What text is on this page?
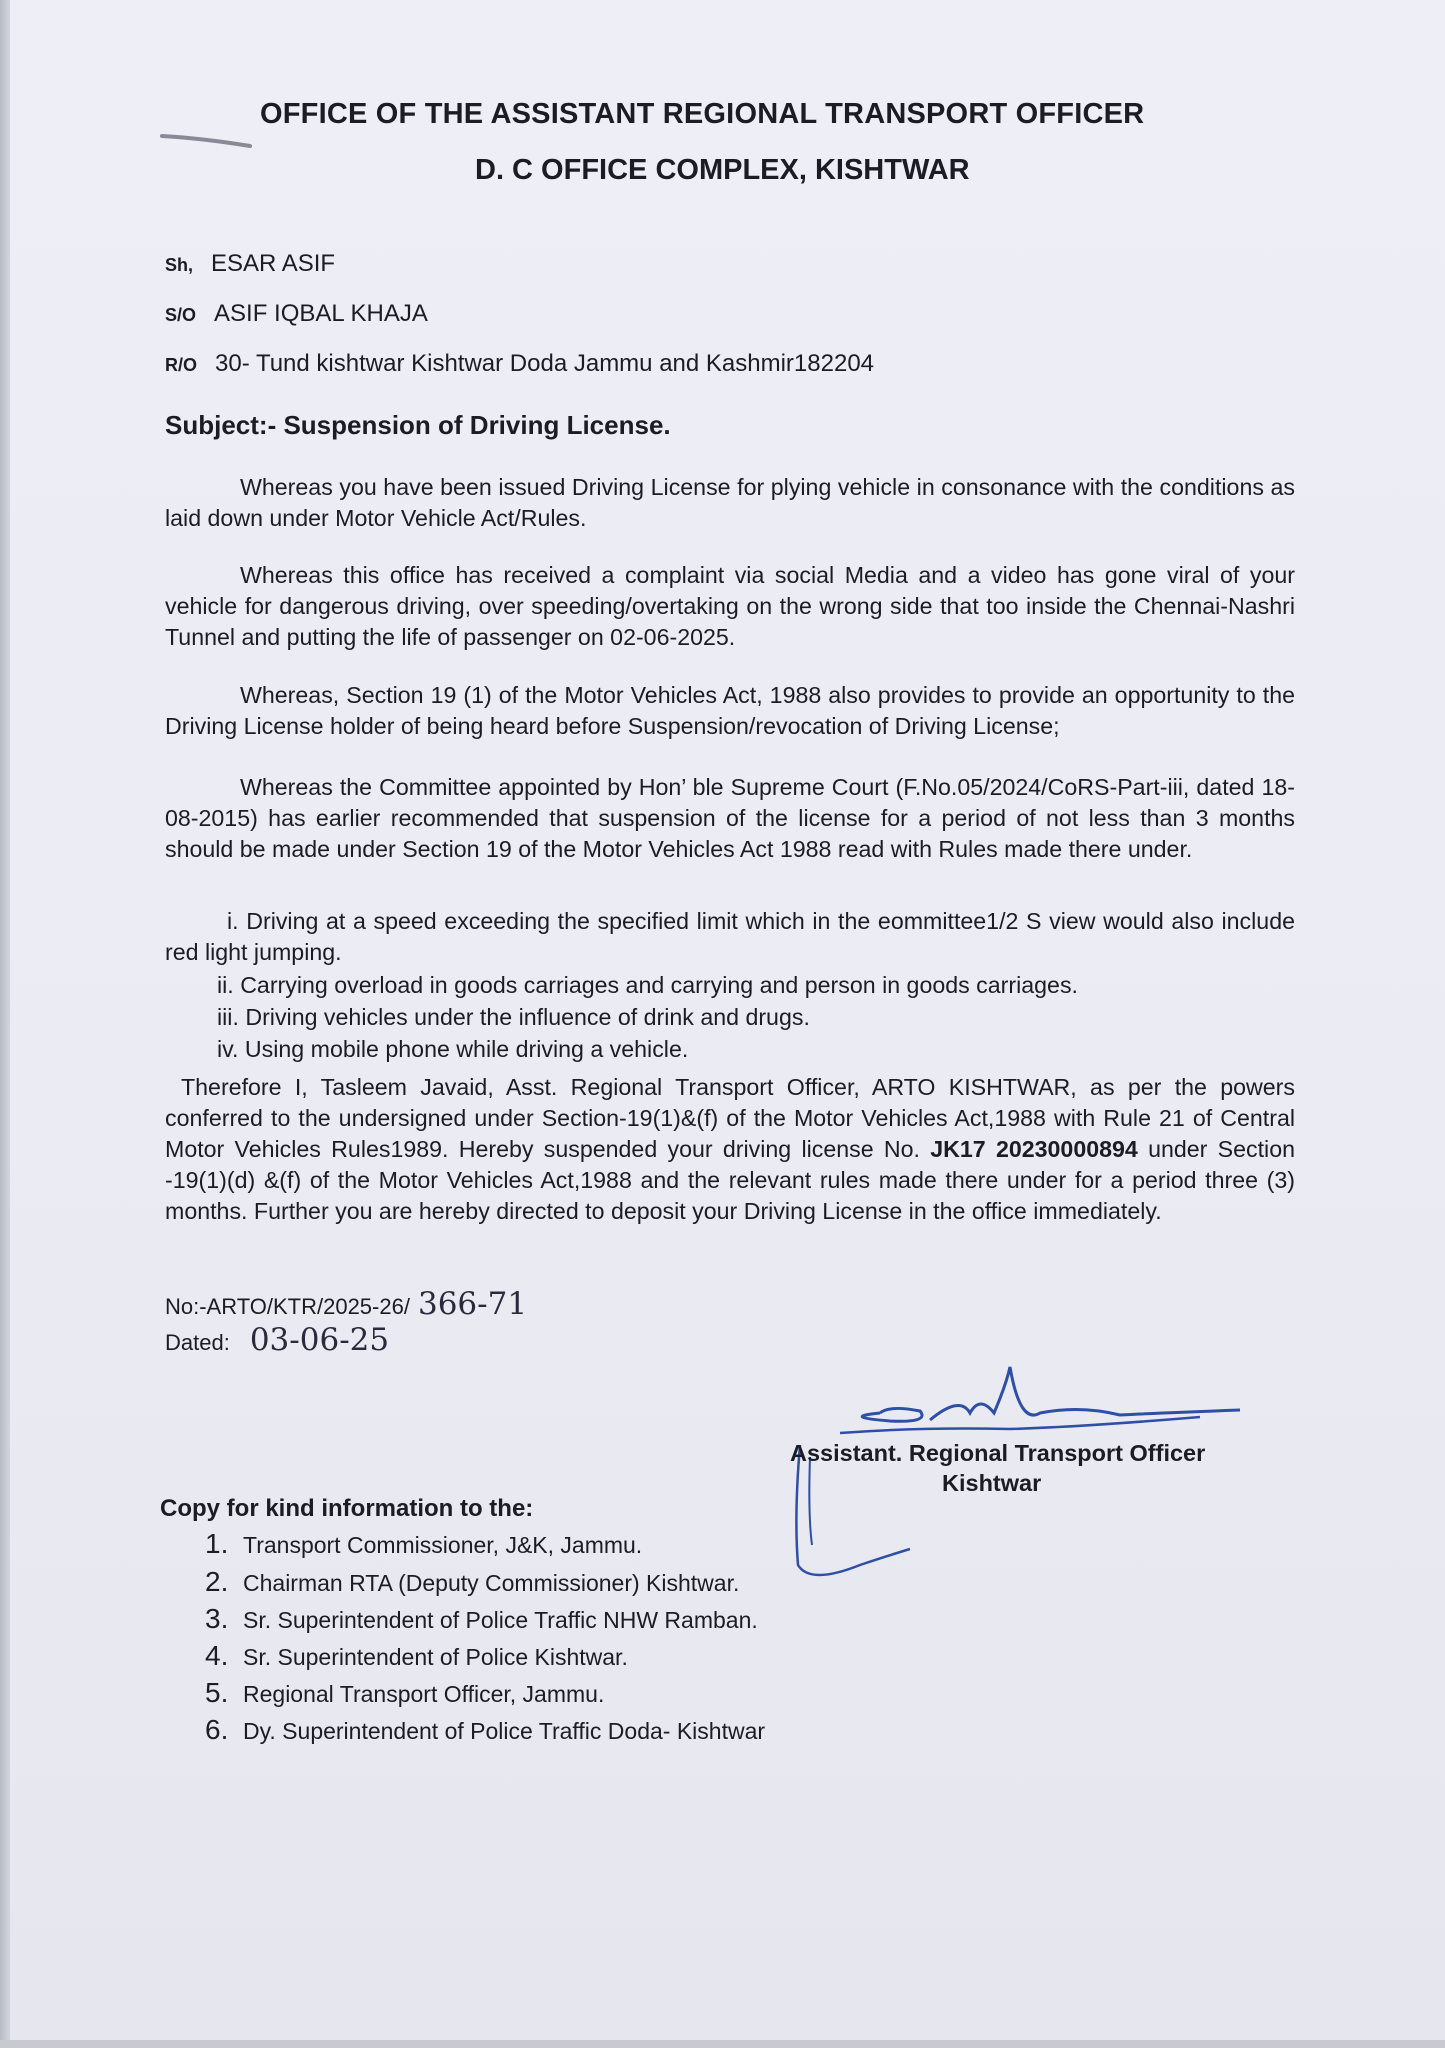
OFFICE OF THE ASSISTANT REGIONAL TRANSPORT OFFICER
D. C OFFICE COMPLEX, KISHTWAR
Sh, ESAR ASIF
S/O ASIF IQBAL KHAJA
R/O 30- Tund kishtwar Kishtwar Doda Jammu and Kashmir182204
Subject:- Suspension of Driving License.

Whereas you have been issued Driving License for plying vehicle in consonance with the conditions as laid down under Motor Vehicle Act/Rules.

Whereas this office has received a complaint via social Media and a video has gone viral of your vehicle for dangerous driving, over speeding/overtaking on the wrong side that too inside the Chennai-Nashri Tunnel and putting the life of passenger on 02-06-2025.

Whereas, Section 19 (1) of the Motor Vehicles Act, 1988 also provides to provide an opportunity to the Driving License holder of being heard before Suspension/revocation of Driving License;

Whereas the Committee appointed by Hon’ ble Supreme Court (F.No.05/2024/CoRS-Part-iii, dated 18-08-2015) has earlier recommended that suspension of the license for a period of not less than 3 months should be made under Section 19 of the Motor Vehicles Act 1988 read with Rules made there under.

i. Driving at a speed exceeding the specified limit which in the eommittee1/2 S view would also include red light jumping.

ii. Carrying overload in goods carriages and carrying and person in goods carriages.
iii. Driving vehicles under the influence of drink and drugs.
iv. Using mobile phone while driving a vehicle.

Therefore I, Tasleem Javaid, Asst. Regional Transport Officer, ARTO KISHTWAR, as per the powers conferred to the undersigned under Section-19(1)&(f) of the Motor Vehicles Act,1988 with Rule 21 of Central Motor Vehicles Rules1989. Hereby suspended your driving license No. JK17 20230000894 under Section -19(1)(d) &(f) of the Motor Vehicles Act,1988 and the relevant rules made there under for a period three (3) months. Further you are hereby directed to deposit your Driving License in the office immediately.

No:-ARTO/KTR/2025-26/ 366-71
Dated: 03-06-25
Assistant. Regional Transport Officer
Kishtwar
Copy for kind information to the:
1. Transport Commissioner, J&K, Jammu.
2. Chairman RTA (Deputy Commissioner) Kishtwar.
3. Sr. Superintendent of Police Traffic NHW Ramban.
4. Sr. Superintendent of Police Kishtwar.
5. Regional Transport Officer, Jammu.
6. Dy. Superintendent of Police Traffic Doda- Kishtwar
